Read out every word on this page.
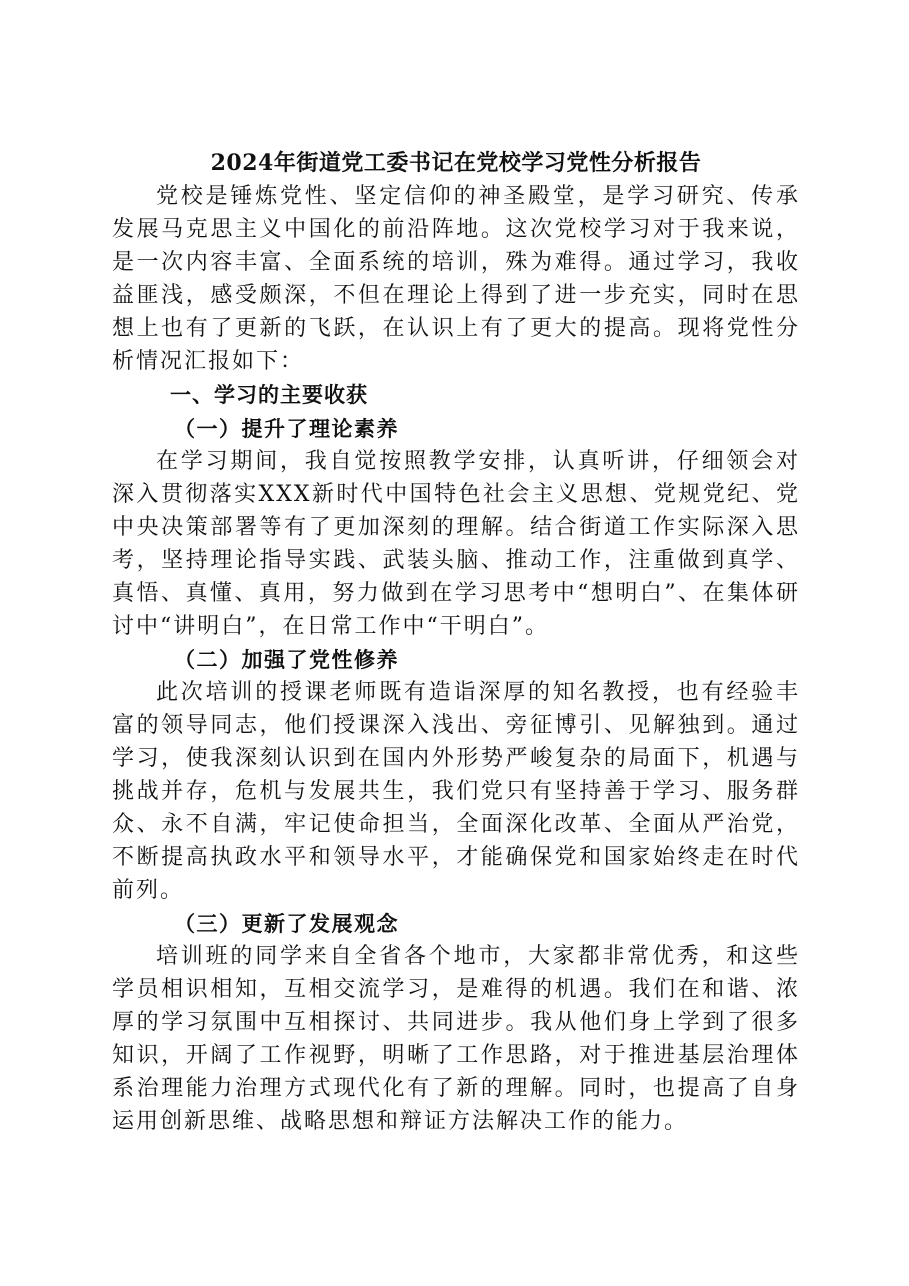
2024年街道党工委书记在党校学习党性分析报告

党校是锤炼党性、坚定信仰的神圣殿堂，是学习研究、传承发展马克思主义中国化的前沿阵地。这次党校学习对于我来说，是一次内容丰富、全面系统的培训，殊为难得。通过学习，我收益匪浅，感受颇深，不但在理论上得到了进一步充实，同时在思想上也有了更新的飞跃，在认识上有了更大的提高。现将党性分析情况汇报如下：

一、学习的主要收获
（一）提升了理论素养

在学习期间，我自觉按照教学安排，认真听讲，仔细领会对深入贯彻落实XXX新时代中国特色社会主义思想、党规党纪、党中央决策部署等有了更加深刻的理解。结合街道工作实际深入思考，坚持理论指导实践、武装头脑、推动工作，注重做到真学、真悟、真懂、真用，努力做到在学习思考中“想明白”、在集体研讨中“讲明白”，在日常工作中“干明白”。

（二）加强了党性修养

此次培训的授课老师既有造诣深厚的知名教授，也有经验丰富的领导同志，他们授课深入浅出、旁征博引、见解独到。通过学习，使我深刻认识到在国内外形势严峻复杂的局面下，机遇与挑战并存，危机与发展共生，我们党只有坚持善于学习、服务群众、永不自满，牢记使命担当，全面深化改革、全面从严治党，不断提高执政水平和领导水平，才能确保党和国家始终走在时代前列。

（三）更新了发展观念

培训班的同学来自全省各个地市，大家都非常优秀，和这些学员相识相知，互相交流学习，是难得的机遇。我们在和谐、浓厚的学习氛围中互相探讨、共同进步。我从他们身上学到了很多知识，开阔了工作视野，明晰了工作思路，对于推进基层治理体系治理能力治理方式现代化有了新的理解。同时，也提高了自身运用创新思维、战略思想和辩证方法解决工作的能力。
